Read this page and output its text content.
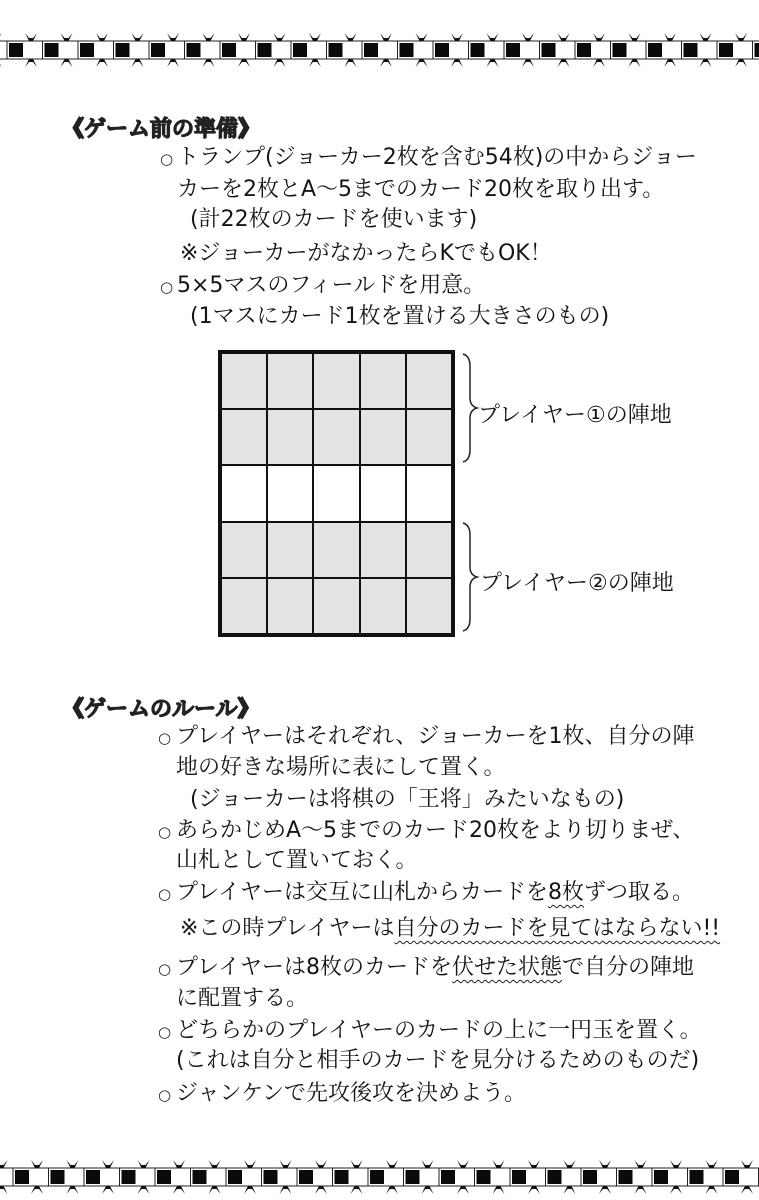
《ゲーム前の準備》
○ トランプ(ジョーカー2枚を含む54枚)の中からジョー
カーを2枚とA～5までのカード20枚を取り出す。
(計22枚のカードを使います)
※ジョーカーがなかったらKでもOK！
○ 5×5マスのフィールドを用意。
(1マスにカード1枚を置ける大きさのもの)
プレイヤー①の陣地
プレイヤー②の陣地
《ゲームのルール》
○ プレイヤーはそれぞれ、ジョーカーを1枚、自分の陣
地の好きな場所に表にして置く。
(ジョーカーは将棋の「王将」みたいなもの)
○ あらかじめA～5までのカード20枚をより切りまぜ、
山札として置いておく。
○ プレイヤーは交互に山札からカードを8枚ずつ取る。
※この時プレイヤーは自分のカードを見てはならない!!
○ プレイヤーは8枚のカードを伏せた状態で自分の陣地
に配置する。
○ どちらかのプレイヤーのカードの上に一円玉を置く。
(これは自分と相手のカードを見分けるためのものだ)
○ ジャンケンで先攻後攻を決めよう。
